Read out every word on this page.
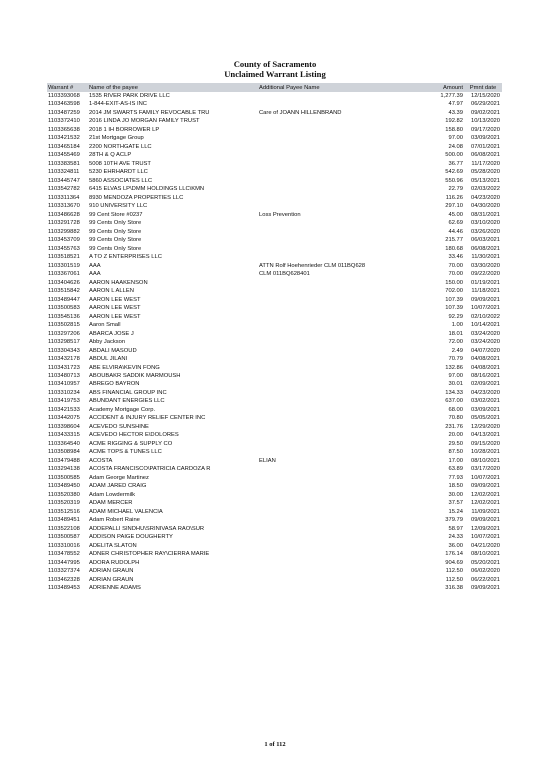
County of Sacramento
Unclaimed Warrant Listing
Warrant #	Name of the payee	Additional Payee Name	Amount	Pmnt date
1103393068	1535 RIVER PARK DRIVE LLC		1,277.39	12/15/2020
1103463598	1-844-EXIT-AS-IS INC		47.97	06/29/2021
1103487259	2014 JM SWARTS FAMILY REVOCABLE TRU	Care of JOANN HILLENBRAND	43.39	09/02/2021
1103372410	2016 LINDA JO MORGAN FAMILY TRUST		192.82	10/13/2020
1103365638	2018 1 IH BORROWER LP		158.80	09/17/2020
1103421532	21st Mortgage Group		97.00	03/09/2021
1103465184	2200 NORTHGATE LLC		24.08	07/01/2021
1103455469	28TH & Q ACLP		500.00	06/08/2021
1103383581	5008 10TH AVE TRUST		36.77	11/17/2020
1103324811	5230 EHRHARDT LLC		542.69	05/28/2020
1103445747	5860 ASSOCIATES LLC		550.96	05/13/2021
1103542782	6415 ELVAS LP\DMM HOLDINGS LLC\KMN		22.79	02/03/2022
1103311364	8930 MENDOZA PROPERTIES LLC		116.26	04/23/2020
1103313670	910 UNIVERSITY LLC		297.10	04/30/2020
1103486628	99 Cent Store #0237	Loss Prevention	45.00	08/31/2021
1103291728	99 Cents Only Store		62.69	03/10/2020
1103299882	99 Cents Only Store		44.46	03/26/2020
1103453709	99 Cents Only Store		215.77	06/03/2021
1103455763	99 Cents Only Store		180.68	06/08/2021
1103518521	A TO Z ENTERPRISES LLC		33.46	11/30/2021
1103301519	AAA	ATTN Rolf Hoehenrieder CLM 011BQ628	70.00	03/30/2020
1103367061	AAA	CLM 011BQ628401	70.00	09/22/2020
1103404626	AARON HAAKENSON		150.00	01/19/2021
1103515842	AARON L ALLEN		702.00	11/18/2021
1103489447	AARON LEE WEST		107.39	09/09/2021
1103500583	AARON LEE WEST		107.39	10/07/2021
1103545136	AARON LEE WEST		92.29	02/10/2022
1103502815	Aaron Small		1.00	10/14/2021
1103297206	ABARCA JOSE J		18.01	03/24/2020
1103298517	Abby Jackson		72.00	03/24/2020
1103304343	ABDALI MASOUD		2.49	04/07/2020
1103432178	ABDUL JILANI		70.79	04/08/2021
1103431723	ABE ELVIRA\KEVIN FONG		132.86	04/08/2021
1103480713	ABOUBAKR SADDIK MARMOUSH		97.00	08/16/2021
1103410957	ABREGO BAYRON		30.01	02/09/2021
1103310234	ABS FINANCIAL GROUP INC		134.33	04/23/2020
1103419753	ABUNDANT ENERGIES LLC		637.00	03/02/2021
1103421533	Academy Mortgage Corp.		68.00	03/09/2021
1103442075	ACCIDENT & INJURY RELIEF CENTER INC		70.80	05/05/2021
1103398604	ACEVEDO SUNSHINE		231.76	12/29/2020
1103433315	ACEVEDO HECTOR E\DOLORES		20.00	04/13/2021
1103364540	ACME RIGGING & SUPPLY CO		29.50	09/15/2020
1103508984	ACME TOPS & TUNES LLC		87.50	10/28/2021
1103479488	ACOSTA	ELIAN	17.00	08/10/2021
1103294138	ACOSTA FRANCISCO\PATRICIA CARDOZA R		63.89	03/17/2020
1103500585	Adam George Martinez		77.93	10/07/2021
1103489450	ADAM JARED CRAIG		18.50	09/09/2021
1103520380	Adam Lowdermilk		30.00	12/02/2021
1103520319	ADAM MERCER		37.57	12/02/2021
1103512516	ADAM MICHAEL VALENCIA		15.24	11/09/2021
1103489451	Adam Robert Raine		379.79	09/09/2021
1103522108	ADDEPALLI SINDHU\SRINIVASA RAO\SUR		58.97	12/09/2021
1103500587	ADDISON PAIGE DOUGHERTY		24.33	10/07/2021
1103310016	ADELITA SLATON		36.00	04/21/2020
1103478552	ADNER CHRISTOPHER RAY\CIERRA MARIE		176.14	08/10/2021
1103447995	ADORA RUDOLPH		904.69	05/20/2021
1103327374	ADRIAN GRAUN		112.50	06/02/2020
1103462328	ADRIAN GRAUN		112.50	06/22/2021
1103489453	ADRIENNE ADAMS		316.38	09/09/2021
1 of 112
